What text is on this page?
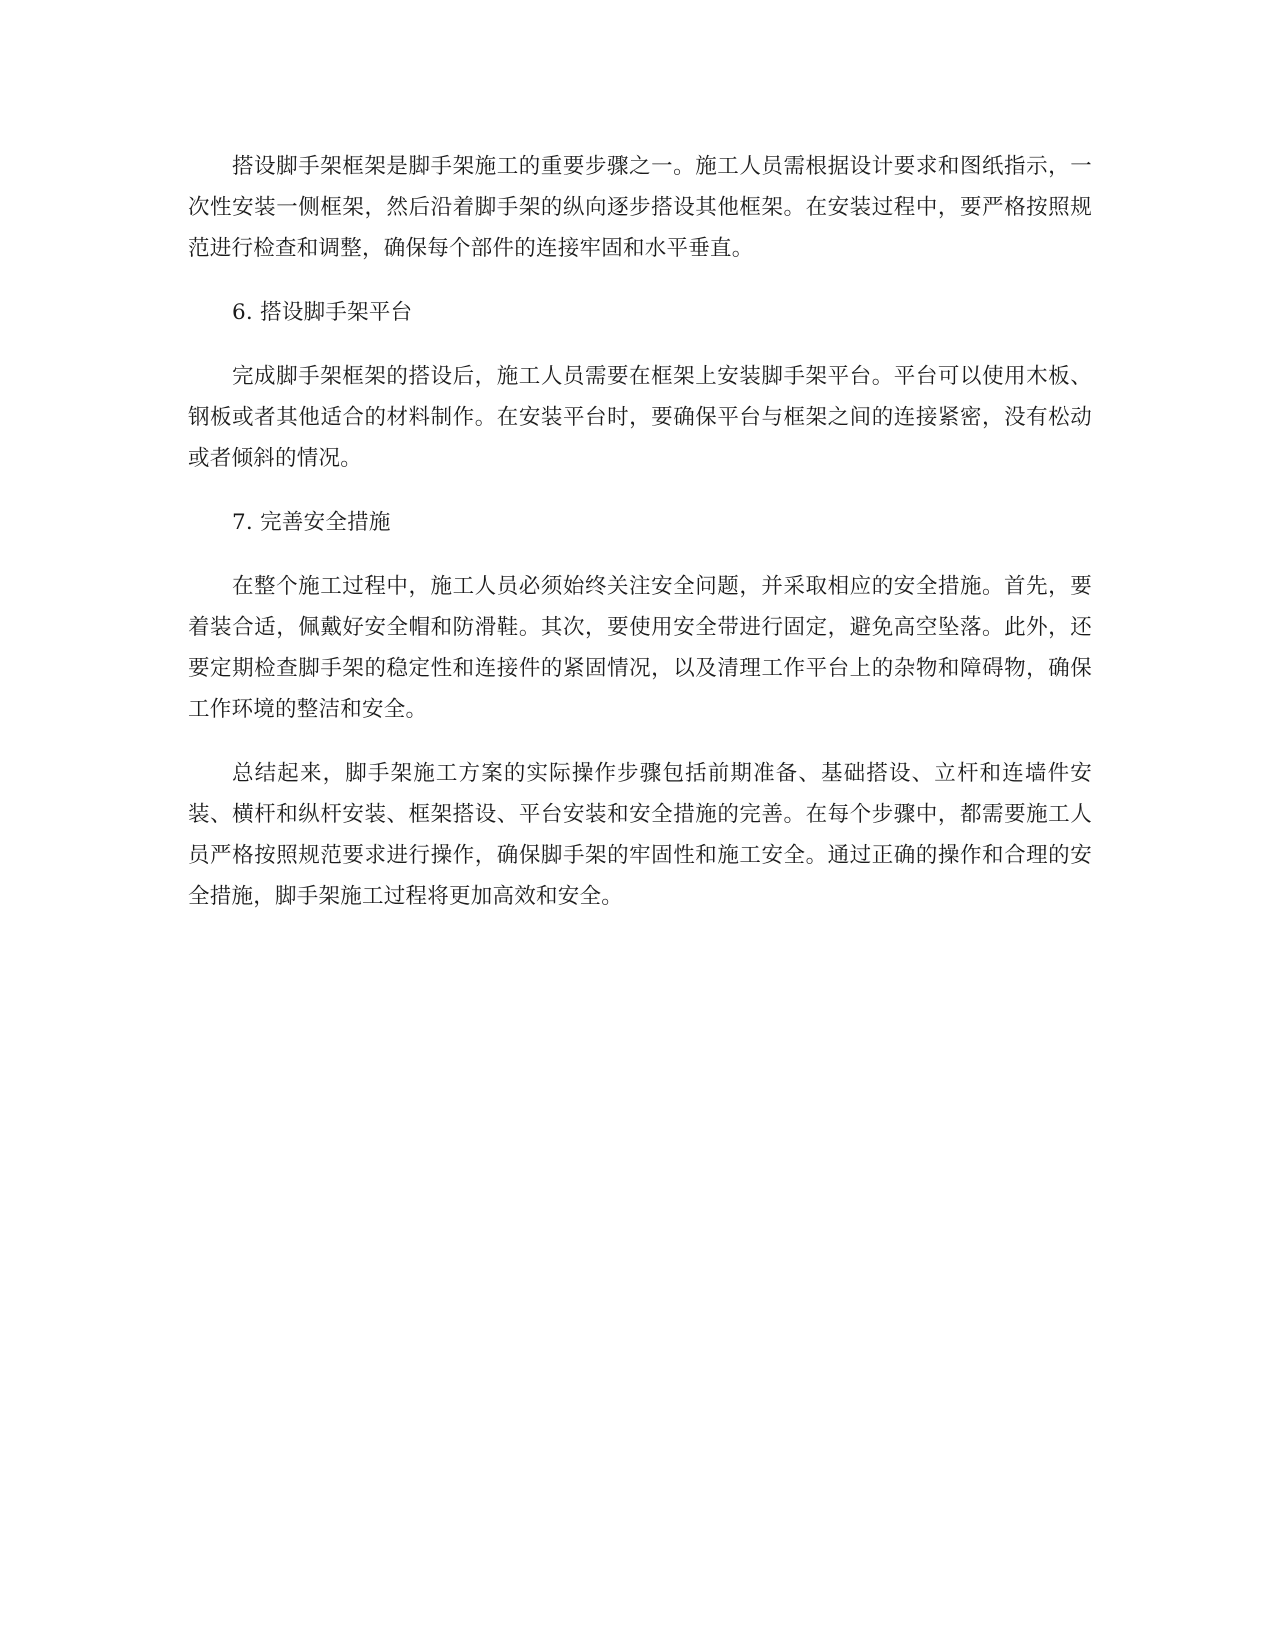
搭设脚手架框架是脚手架施工的重要步骤之一。施工人员需根据设计要求和图纸指示，一次性安装一侧框架，然后沿着脚手架的纵向逐步搭设其他框架。在安装过程中，要严格按照规范进行检查和调整，确保每个部件的连接牢固和水平垂直。

6. 搭设脚手架平台

完成脚手架框架的搭设后，施工人员需要在框架上安装脚手架平台。平台可以使用木板、钢板或者其他适合的材料制作。在安装平台时，要确保平台与框架之间的连接紧密，没有松动或者倾斜的情况。

7. 完善安全措施

在整个施工过程中，施工人员必须始终关注安全问题，并采取相应的安全措施。首先，要着装合适，佩戴好安全帽和防滑鞋。其次，要使用安全带进行固定，避免高空坠落。此外，还要定期检查脚手架的稳定性和连接件的紧固情况，以及清理工作平台上的杂物和障碍物，确保工作环境的整洁和安全。

总结起来，脚手架施工方案的实际操作步骤包括前期准备、基础搭设、立杆和连墙件安装、横杆和纵杆安装、框架搭设、平台安装和安全措施的完善。在每个步骤中，都需要施工人员严格按照规范要求进行操作，确保脚手架的牢固性和施工安全。通过正确的操作和合理的安全措施，脚手架施工过程将更加高效和安全。
